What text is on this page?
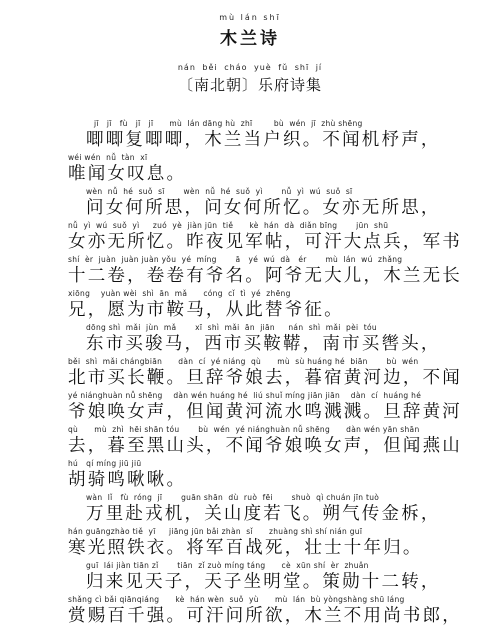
mù lán shī
木兰诗
nán běi cháo yuè fǔ shī jí
〔南北朝〕乐府诗集
jī   jī   fù   jī   jī      mù  lán dāng hù  zhī        bù  wén  jī  zhù shēng
唧唧复唧唧，木兰当户织。不闻机杼声，
wéi wén  nǚ  tàn  xī
唯闻女叹息。
wèn  nǚ  hé  suǒ  sī       wèn  nǚ  hé  suǒ  yì       nǚ  yì  wú  suǒ  sī
问女何所思，问女何所忆。女亦无所思，
nǚ  yì  wú  suǒ  yì     zuó  yè  jiàn jūn  tiě      kè  hán  dà  diǎn bīng       jūn  shū
女亦无所忆。昨夜见军帖，可汗大点兵，军书
shí  èr  juàn  juàn juàn yǒu  yé  míng       ā   yé  wú  dà   ér       mù  lán  wú  zhǎng
十二卷，卷卷有爷名。阿爷无大儿，木兰无长
xiōng    yuàn wèi  shì  ān  mǎ      cóng  cǐ  tì  yé  zhēng
兄，愿为市鞍马，从此替爷征。
dōng shì  mǎi  jùn  mǎ       xī  shì  mǎi  ān  jiān     nán  shì  mǎi  pèi  tóu
东市买骏马，西市买鞍鞯，南市买辔头，
běi  shì  mǎi chángbiān      dàn  cí  yé niáng  qù      mù  sù huáng hé  biān       bù  wén
北市买长鞭。旦辞爷娘去，暮宿黄河边，不闻
yé niánghuàn nǚ shēng    dàn wén huáng hé  liú shuǐ míng jiān jiān    dàn  cí  huáng hé
爷娘唤女声，但闻黄河流水鸣溅溅。旦辞黄河
qù      mù  zhì  hēi shān tóu       bù  wén  yé niánghuàn nǚ shēng      dàn wén yān shān
去，暮至黑山头，不闻爷娘唤女声，但闻燕山
hú   qí míng jiū jiū
胡骑鸣啾啾。
wàn  lǐ   fù  róng  jī       guān shān  dù  ruò  fēi       shuò  qì chuán jīn tuò
万里赴戎机，关山度若飞。朔气传金柝，
hán guāngzhào tiě  yī     jiāng jūn bǎi zhàn  sǐ      zhuàng shì shí nián guī
寒光照铁衣。将军百战死，壮士十年归。
guī  lái jiàn tiān zǐ       tiān  zǐ zuò míng táng      cè  xūn shí  èr  zhuǎn
归来见天子，天子坐明堂。策勋十二转，
shǎng cì bǎi qiānqiáng      kè  hán wèn  suǒ  yù      mù  lán  bù yòngshàng shū láng
赏赐百千强。可汗问所欲，木兰不用尚书郎，
